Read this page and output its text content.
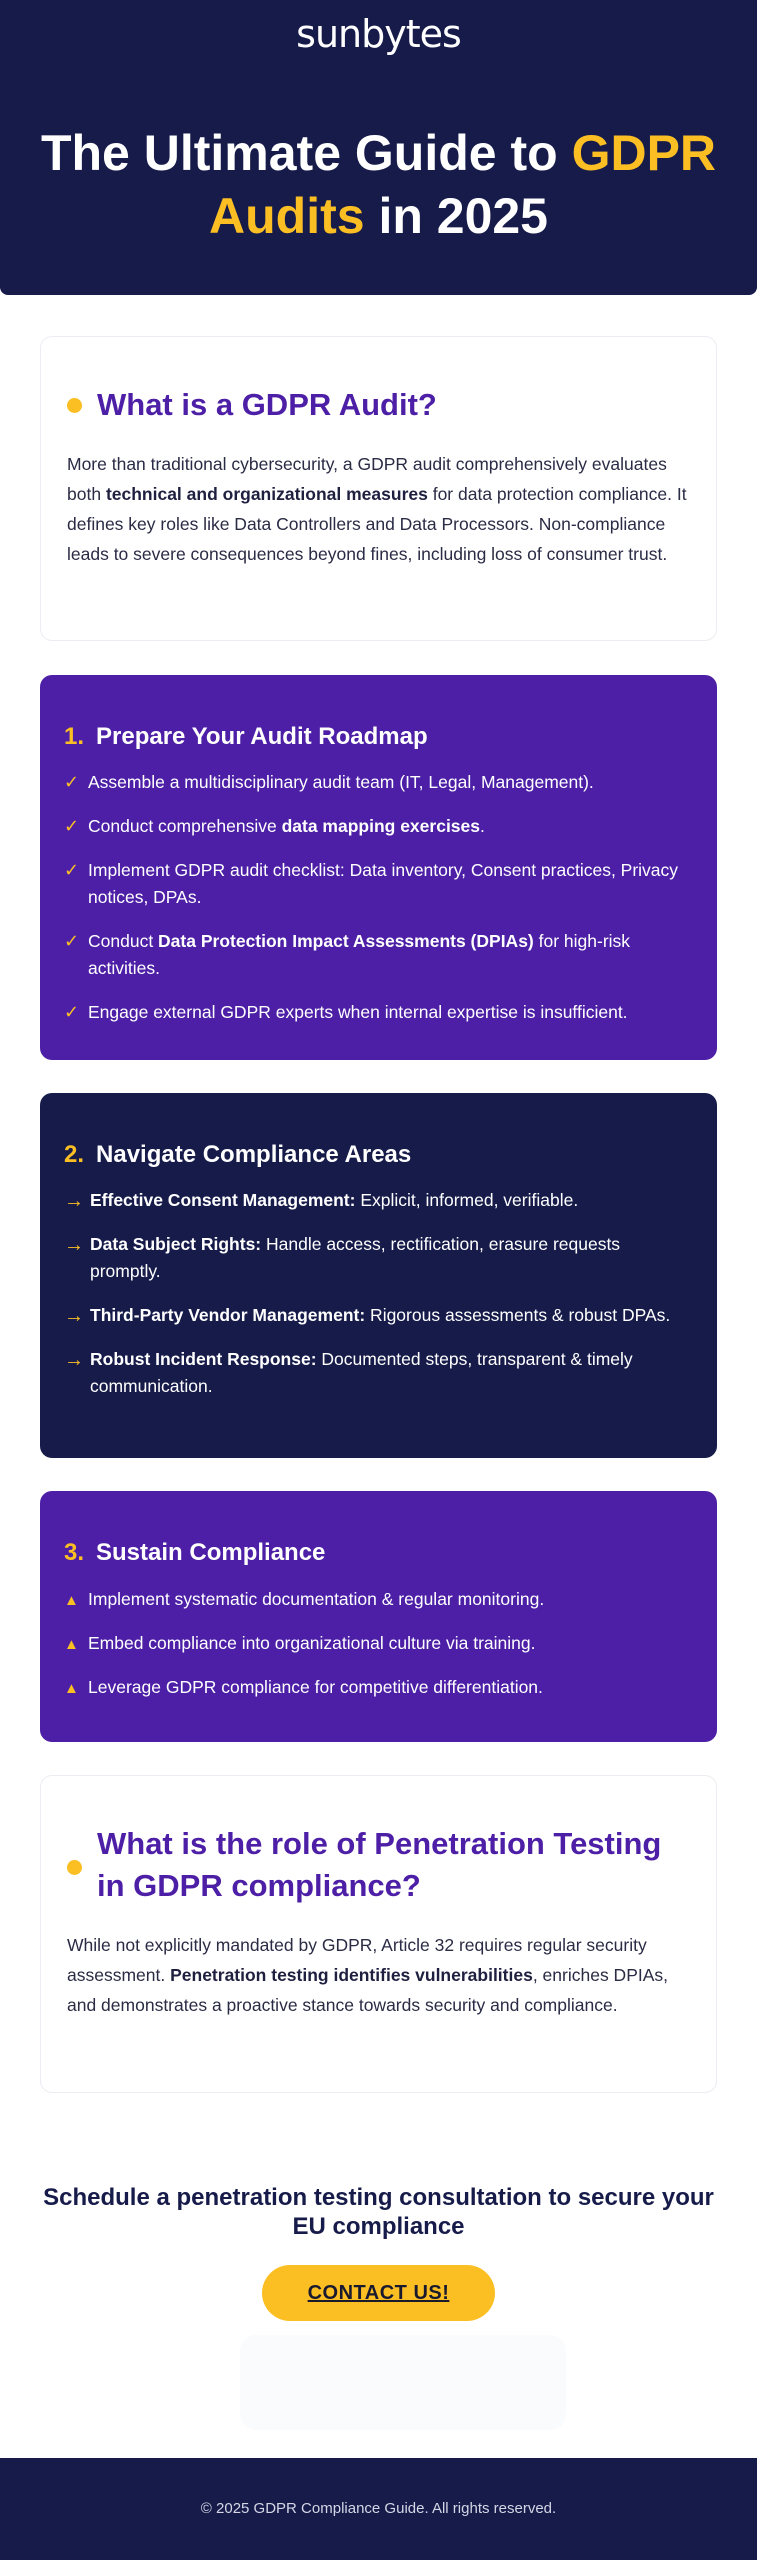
sunbytes
The Ultimate Guide to GDPR Audits in 2025
What is a GDPR Audit?

More than traditional cybersecurity, a GDPR audit comprehensively evaluates both technical and organizational measures for data protection compliance. It defines key roles like Data Controllers and Data Processors. Non-compliance leads to severe consequences beyond fines, including loss of consumer trust.

1. Prepare Your Audit Roadmap
✓ Assemble a multidisciplinary audit team (IT, Legal, Management).
✓ Conduct comprehensive data mapping exercises.
✓ Implement GDPR audit checklist: Data inventory, Consent practices, Privacy notices, DPAs.
✓ Conduct Data Protection Impact Assessments (DPIAs) for high-risk activities.
✓ Engage external GDPR experts when internal expertise is insufficient.
2. Navigate Compliance Areas
→ Effective Consent Management: Explicit, informed, verifiable.
→ Data Subject Rights: Handle access, rectification, erasure requests promptly.
→ Third-Party Vendor Management: Rigorous assessments & robust DPAs.
→ Robust Incident Response: Documented steps, transparent & timely communication.
3. Sustain Compliance
▲ Implement systematic documentation & regular monitoring.
▲ Embed compliance into organizational culture via training.
▲ Leverage GDPR compliance for competitive differentiation.
What is the role of Penetration Testing in GDPR compliance?

While not explicitly mandated by GDPR, Article 32 requires regular security assessment. Penetration testing identifies vulnerabilities, enriches DPIAs, and demonstrates a proactive stance towards security and compliance.

Schedule a penetration testing consultation to secure your EU compliance
CONTACT US!
© 2025 GDPR Compliance Guide. All rights reserved.
